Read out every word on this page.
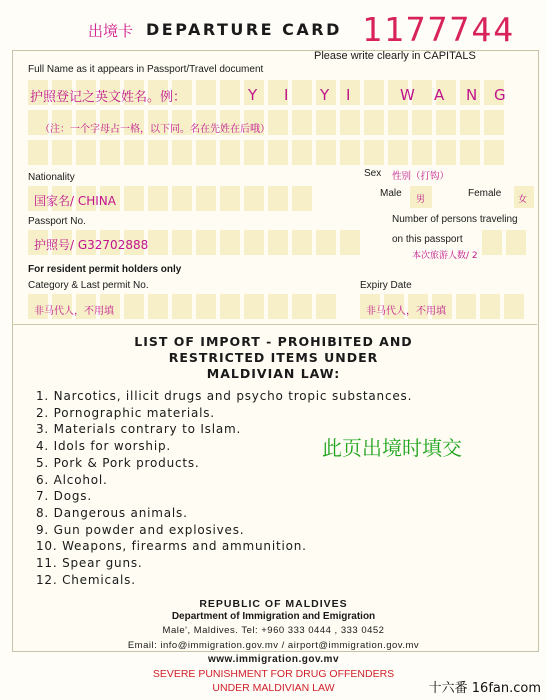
出境卡 DEPARTURE CARD 1177744
Please write clearly in CAPITALS
Full Name as it appears in Passport/Travel document
护照登记之英文姓名。例：	Y I Y I	W A N G
（注：一个字母占一格，以下同。名在先姓在后哦）
Nationality
国家名/ CHINA
Sex 性别（打钩）
Male
男
Female
女
Passport No.
护照号/ G32702888
Number of persons traveling
on this passport
本次旅游人数/ 2
For resident permit holders only
Category & Last permit No.
非马代人，不用填
Expiry Date
非马代人，不用填
LIST OF IMPORT - PROHIBITED AND
RESTRICTED ITEMS UNDER
MALDIVIAN LAW:
1. Narcotics, illicit drugs and psycho tropic substances.
2. Pornographic materials.
3. Materials contrary to Islam.
4. Idols for worship.
5. Pork & Pork products.
6. Alcohol.
7. Dogs.
8. Dangerous animals.
9. Gun powder and explosives.
10. Weapons, firearms and ammunition.
11. Spear guns.
12. Chemicals.
此页出境时填交
REPUBLIC OF MALDIVES
Department of Immigration and Emigration
Male', Maldives. Tel: +960 333 0444 , 333 0452
Email: info@immigration.gov.mv / airport@immigration.gov.mv
www.immigration.gov.mv
SEVERE PUNISHMENT FOR DRUG OFFENDERS
UNDER MALDIVIAN LAW	十六番 16fan.com
